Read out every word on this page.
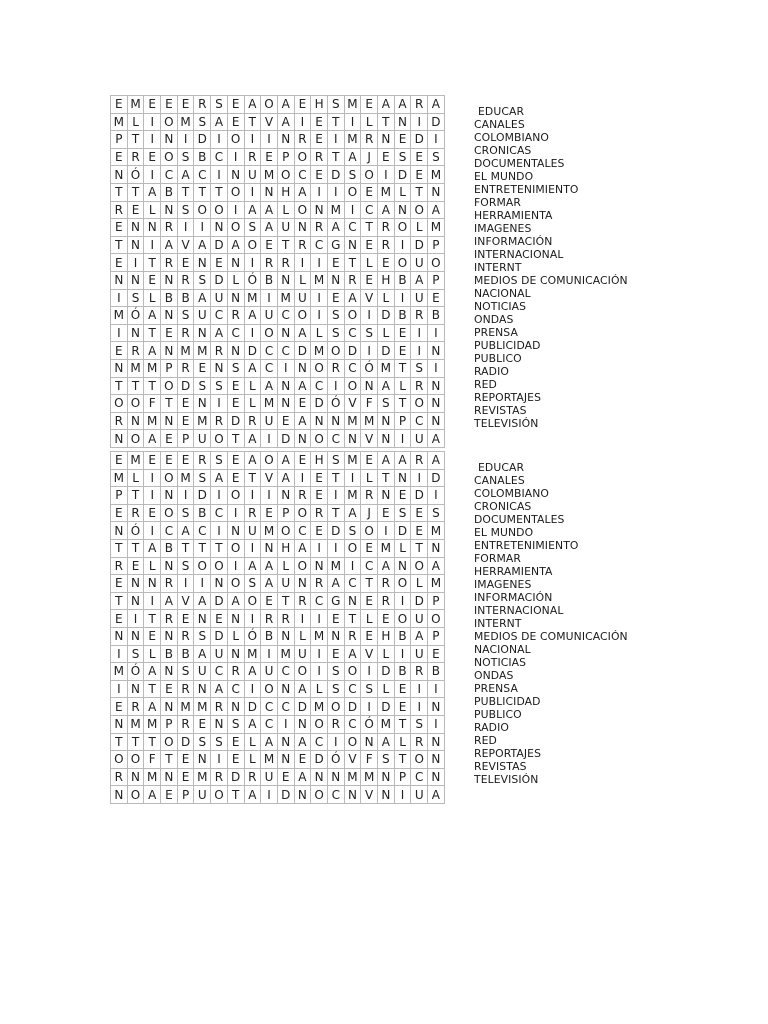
E	M	E	E	E	R	S	E	A	O	A	E	H	S	M	E	A	A	R	A
M	L	I	O	M	S	A	E	T	V	A	I	E	T	I	L	T	N	I	D
P	T	I	N	I	D	I	O	I	I	N	R	E	I	M	R	N	E	D	I
E	R	E	O	S	B	C	I	R	E	P	O	R	T	A	J	E	S	E	S
N	Ó	I	C	A	C	I	N	U	M	O	C	E	D	S	O	I	D	E	M
T	T	A	B	T	T	T	O	I	N	H	A	I	I	O	E	M	L	T	N
R	E	L	N	S	O	O	I	A	A	L	O	N	M	I	C	A	N	O	A
E	N	N	R	I	I	N	O	S	A	U	N	R	A	C	T	R	O	L	M
T	N	I	A	V	A	D	A	O	E	T	R	C	G	N	E	R	I	D	P
E	I	T	R	E	N	E	N	I	R	R	I	I	E	T	L	E	O	U	O
N	N	E	N	R	S	D	L	Ó	B	N	L	M	N	R	E	H	B	A	P
I	S	L	B	B	A	U	N	M	I	M	U	I	E	A	V	L	I	U	E
M	Ó	A	N	S	U	C	R	A	U	C	O	I	S	O	I	D	B	R	B
I	N	T	E	R	N	A	C	I	O	N	A	L	S	C	S	L	E	I	I
E	R	A	N	M	M	R	N	D	C	C	D	M	O	D	I	D	E	I	N
N	M	M	P	R	E	N	S	A	C	I	N	O	R	C	Ó	M	T	S	I
T	T	T	O	D	S	S	E	L	A	N	A	C	I	O	N	A	L	R	N
O	O	F	T	E	N	I	E	L	M	N	E	D	Ó	V	F	S	T	O	N
R	N	M	N	E	M	R	D	R	U	E	A	N	N	M	M	N	P	C	N
N	O	A	E	P	U	O	T	A	I	D	N	O	C	N	V	N	I	U	A
EDUCAR
CANALES
COLOMBIANO
CRONICAS
DOCUMENTALES
EL MUNDO
ENTRETENIMIENTO
FORMAR
HERRAMIENTA
IMAGENES
INFORMACIÓN
INTERNACIONAL
INTERNT
MEDIOS DE COMUNICACIÓN
NACIONAL
NOTICIAS
ONDAS
PRENSA
PUBLICIDAD
PUBLICO
RADIO
RED
REPORTAJES
REVISTAS
TELEVISIÓN
E	M	E	E	E	R	S	E	A	O	A	E	H	S	M	E	A	A	R	A
M	L	I	O	M	S	A	E	T	V	A	I	E	T	I	L	T	N	I	D
P	T	I	N	I	D	I	O	I	I	N	R	E	I	M	R	N	E	D	I
E	R	E	O	S	B	C	I	R	E	P	O	R	T	A	J	E	S	E	S
N	Ó	I	C	A	C	I	N	U	M	O	C	E	D	S	O	I	D	E	M
T	T	A	B	T	T	T	O	I	N	H	A	I	I	O	E	M	L	T	N
R	E	L	N	S	O	O	I	A	A	L	O	N	M	I	C	A	N	O	A
E	N	N	R	I	I	N	O	S	A	U	N	R	A	C	T	R	O	L	M
T	N	I	A	V	A	D	A	O	E	T	R	C	G	N	E	R	I	D	P
E	I	T	R	E	N	E	N	I	R	R	I	I	E	T	L	E	O	U	O
N	N	E	N	R	S	D	L	Ó	B	N	L	M	N	R	E	H	B	A	P
I	S	L	B	B	A	U	N	M	I	M	U	I	E	A	V	L	I	U	E
M	Ó	A	N	S	U	C	R	A	U	C	O	I	S	O	I	D	B	R	B
I	N	T	E	R	N	A	C	I	O	N	A	L	S	C	S	L	E	I	I
E	R	A	N	M	M	R	N	D	C	C	D	M	O	D	I	D	E	I	N
N	M	M	P	R	E	N	S	A	C	I	N	O	R	C	Ó	M	T	S	I
T	T	T	O	D	S	S	E	L	A	N	A	C	I	O	N	A	L	R	N
O	O	F	T	E	N	I	E	L	M	N	E	D	Ó	V	F	S	T	O	N
R	N	M	N	E	M	R	D	R	U	E	A	N	N	M	M	N	P	C	N
N	O	A	E	P	U	O	T	A	I	D	N	O	C	N	V	N	I	U	A
EDUCAR
CANALES
COLOMBIANO
CRONICAS
DOCUMENTALES
EL MUNDO
ENTRETENIMIENTO
FORMAR
HERRAMIENTA
IMAGENES
INFORMACIÓN
INTERNACIONAL
INTERNT
MEDIOS DE COMUNICACIÓN
NACIONAL
NOTICIAS
ONDAS
PRENSA
PUBLICIDAD
PUBLICO
RADIO
RED
REPORTAJES
REVISTAS
TELEVISIÓN
